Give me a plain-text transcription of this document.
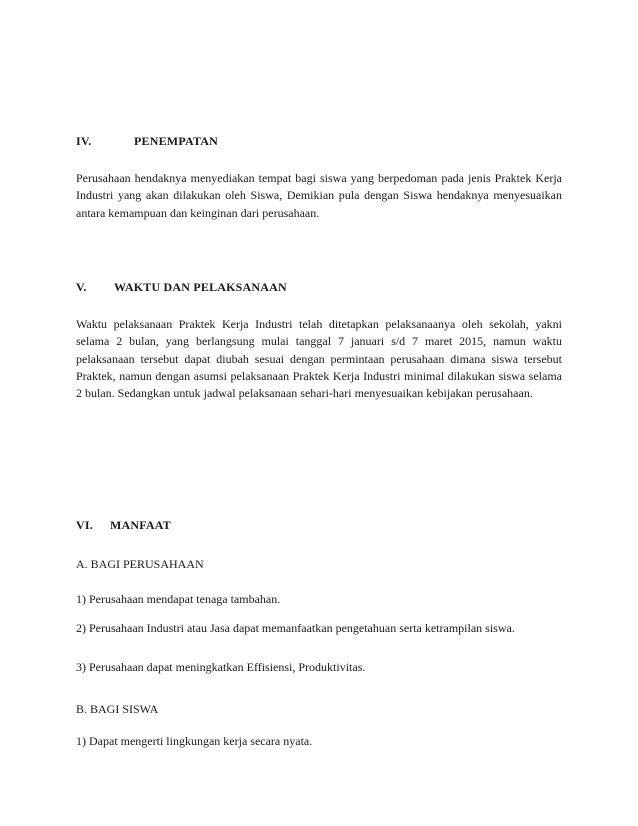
IV.	PENEMPATAN

Perusahaan hendaknya menyediakan tempat bagi siswa yang berpedoman pada jenis Praktek Kerja Industri yang akan dilakukan oleh Siswa, Demikian pula dengan Siswa hendaknya menyesuaikan antara kemampuan dan keinginan dari perusahaan.

V. WAKTU DAN PELAKSANAAN

Waktu pelaksanaan Praktek Kerja Industri telah ditetapkan pelaksanaanya oleh sekolah, yakni selama 2 bulan, yang berlangsung mulai tanggal 7 januari s/d 7 maret 2015, namun waktu pelaksanaan tersebut dapat diubah sesuai dengan permintaan perusahaan dimana siswa tersebut Praktek, namun dengan asumsi pelaksanaan Praktek Kerja Industri minimal dilakukan siswa selama 2 bulan. Sedangkan untuk jadwal pelaksanaan sehari-hari menyesuaikan kebijakan perusahaan.

VI. MANFAAT

A. BAGI PERUSAHAAN

1) Perusahaan mendapat tenaga tambahan.

2) Perusahaan Industri atau Jasa dapat memanfaatkan pengetahuan serta ketrampilan siswa.

3) Perusahaan dapat meningkatkan Effisiensi, Produktivitas.

B. BAGI SISWA

1) Dapat mengerti lingkungan kerja secara nyata.
